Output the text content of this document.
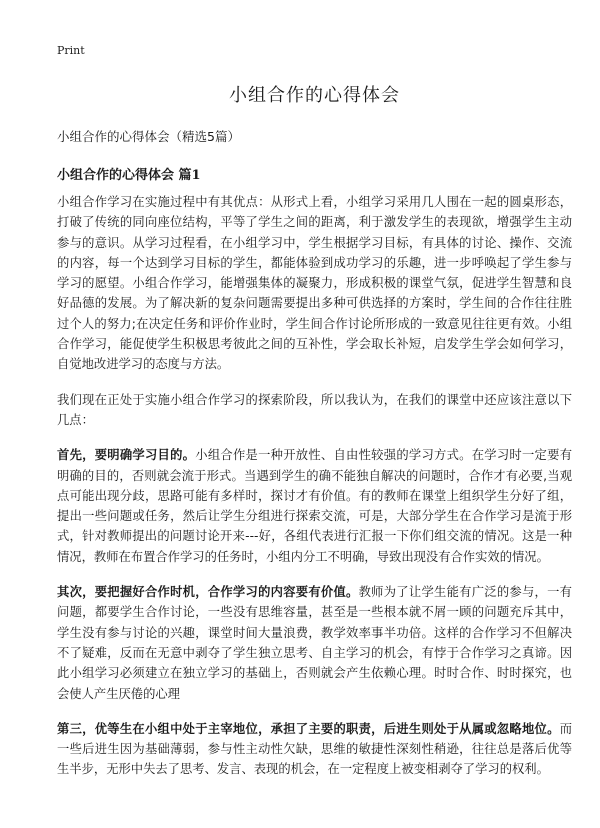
Print
小组合作的心得体会
小组合作的心得体会（精选5篇）
小组合作的心得体会 篇1

小组合作学习在实施过程中有其优点：从形式上看，小组学习采用几人围在一起的圆桌形态，打破了传统的同向座位结构，平等了学生之间的距离，利于激发学生的表现欲，增强学生主动参与的意识。从学习过程看，在小组学习中，学生根据学习目标，有具体的讨论、操作、交流的内容，每一个达到学习目标的学生，都能体验到成功学习的乐趣，进一步呼唤起了学生参与学习的愿望。小组合作学习，能增强集体的凝聚力，形成积极的课堂气氛，促进学生智慧和良好品德的发展。为了解决新的复杂问题需要提出多种可供选择的方案时，学生间的合作往往胜过个人的努力;在决定任务和评价作业时，学生间合作讨论所形成的一致意见往往更有效。小组合作学习，能促使学生积极思考彼此之间的互补性，学会取长补短，启发学生学会如何学习，自觉地改进学习的态度与方法。

我们现在正处于实施小组合作学习的探索阶段，所以我认为，在我们的课堂中还应该注意以下几点：

首先，要明确学习目的。小组合作是一种开放性、自由性较强的学习方式。在学习时一定要有明确的目的，否则就会流于形式。当遇到学生的确不能独自解决的问题时，合作才有必要,当观点可能出现分歧，思路可能有多样时，探讨才有价值。有的教师在课堂上组织学生分好了组，提出一些问题或任务，然后让学生分组进行探索交流，可是，大部分学生在合作学习是流于形式，针对教师提出的问题讨论开来---好，各组代表进行汇报一下你们组交流的情况。这是一种情况，教师在布置合作学习的任务时，小组内分工不明确，导致出现没有合作实效的情况。

其次，要把握好合作时机，合作学习的内容要有价值。教师为了让学生能有广泛的参与，一有问题，都要学生合作讨论，一些没有思维容量，甚至是一些根本就不屑一顾的问题充斥其中，学生没有参与讨论的兴趣，课堂时间大量浪费，教学效率事半功倍。这样的合作学习不但解决不了疑难，反而在无意中剥夺了学生独立思考、自主学习的机会，有悖于合作学习之真谛。因此小组学习必须建立在独立学习的基础上，否则就会产生依赖心理。时时合作、时时探究，也会使人产生厌倦的心理

第三，优等生在小组中处于主宰地位，承担了主要的职责，后进生则处于从属或忽略地位。而一些后进生因为基础薄弱，参与性主动性欠缺，思维的敏捷性深刻性稍逊，往往总是落后优等生半步，无形中失去了思考、发言、表现的机会，在一定程度上被变相剥夺了学习的权利。
